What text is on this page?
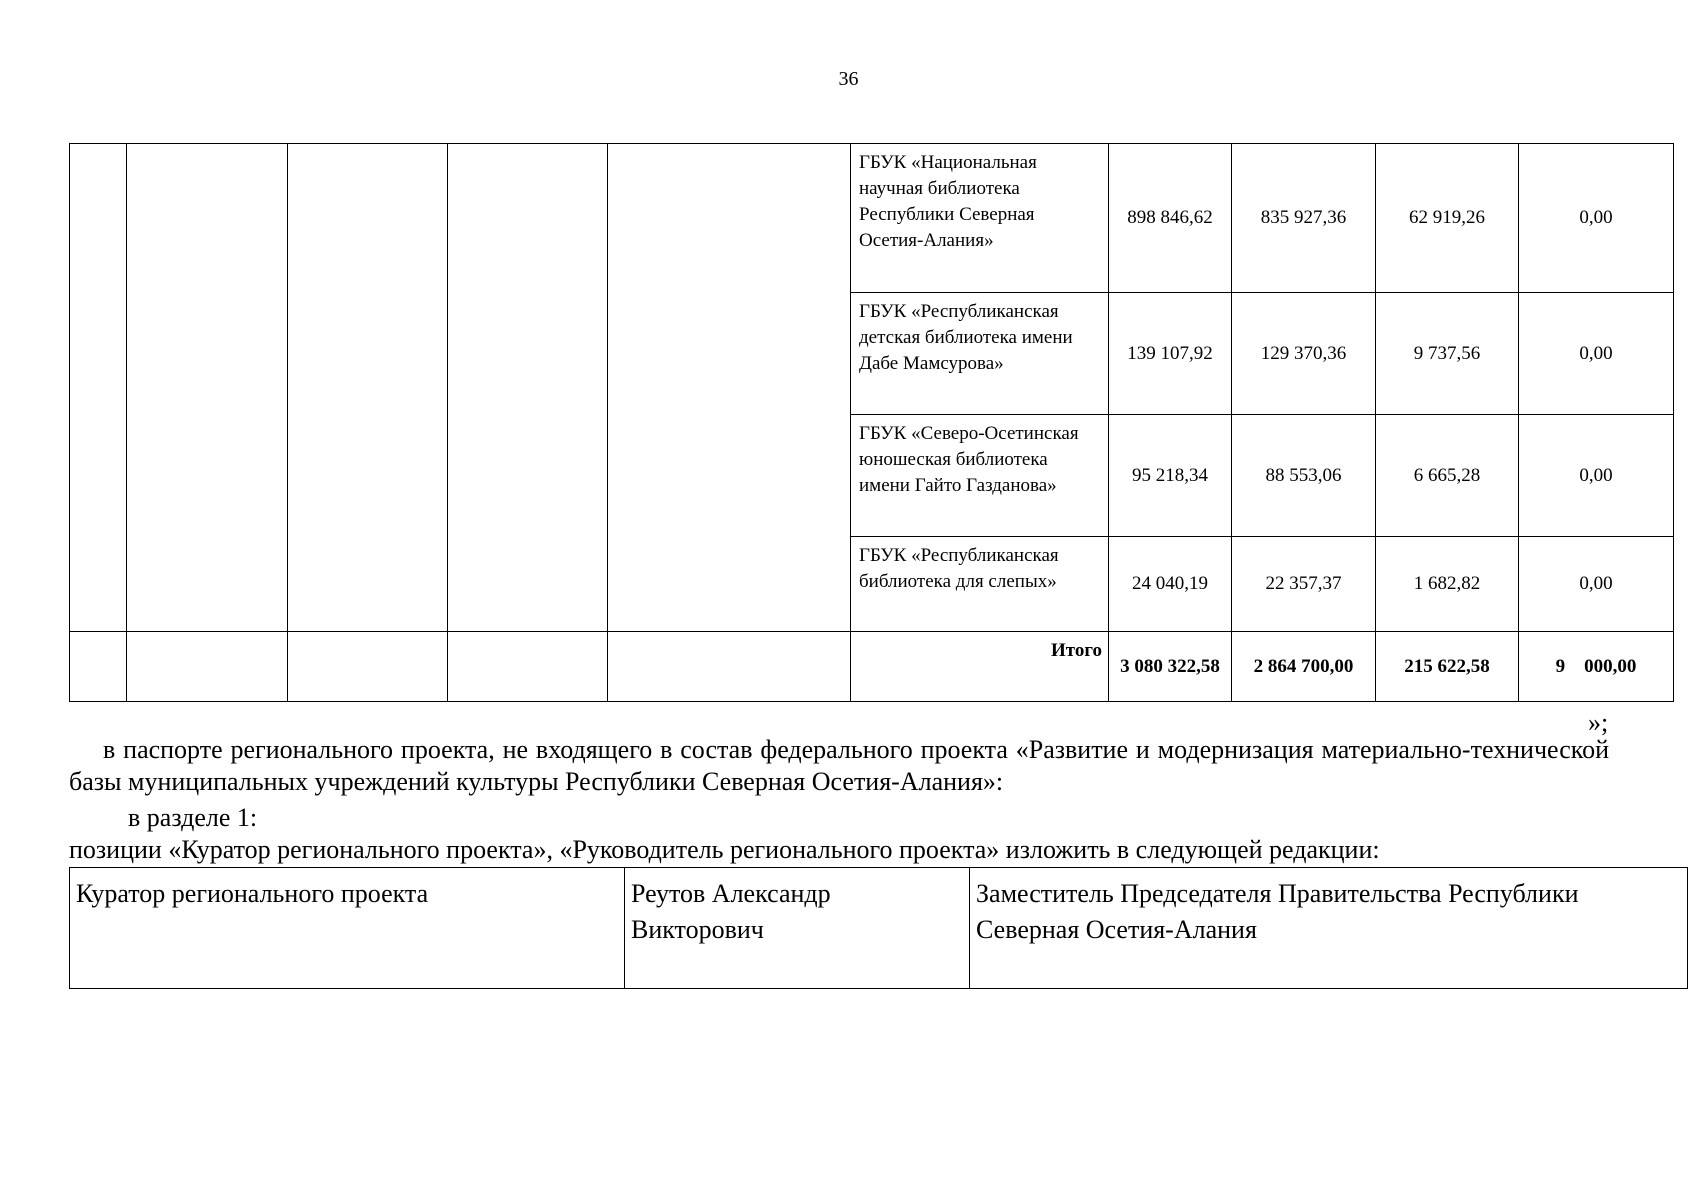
36
					ГБУК «Национальная научная библиотека Республики Северная Осетия-Алания»	898 846,62	835 927,36	62 919,26	0,00
					ГБУК «Республиканская детская библиотека имени Дабе Мамсурова»	139 107,92	129 370,36	9 737,56	0,00
					ГБУК «Северо-Осетинская юношеская библиотека имени Гайто Газданова»	95 218,34	88 553,06	6 665,28	0,00
					ГБУК «Республиканская библиотека для слепых»	24 040,19	22 357,37	1 682,82	0,00
					Итого	3 080 322,58	2 864 700,00	215 622,58	9    000,00
»;
в паспорте регионального проекта, не входящего в состав федерального проекта «Развитие и модернизация материально-технической базы муниципальных учреждений культуры Республики Северная Осетия-Алания»:
в разделе 1:
позиции «Куратор регионального проекта», «Руководитель регионального проекта» изложить в следующей редакции:
Куратор регионального проекта	Реутов Александр Викторович	Заместитель Председателя Правительства Республики Северная Осетия-Алания
